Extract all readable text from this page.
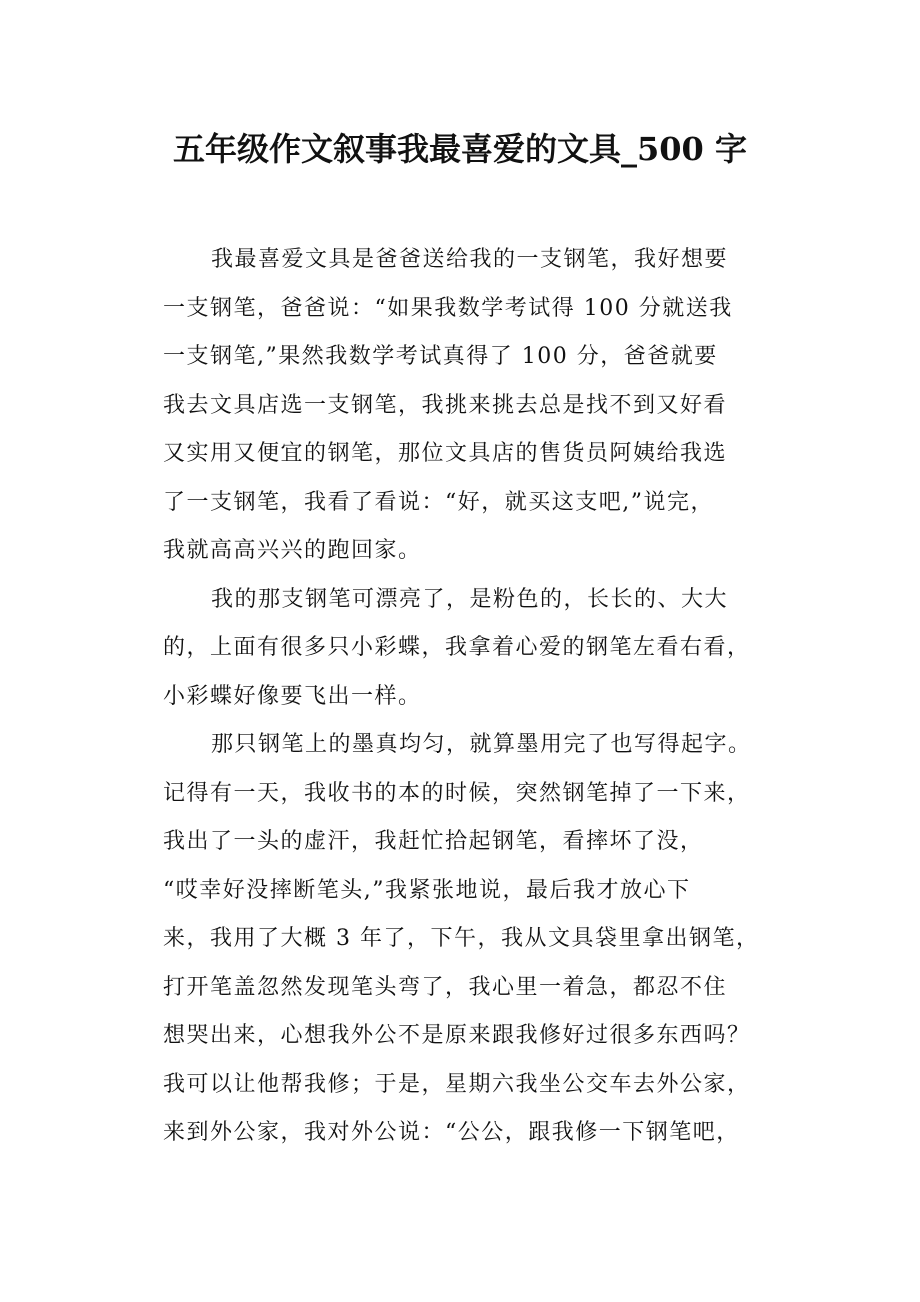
五年级作文叙事我最喜爱的文具_500 字
我最喜爱文具是爸爸送给我的一支钢笔，我好想要
一支钢笔，爸爸说：“如果我数学考试得 100 分就送我
一支钢笔,”果然我数学考试真得了 100 分，爸爸就要
我去文具店选一支钢笔，我挑来挑去总是找不到又好看
又实用又便宜的钢笔，那位文具店的售货员阿姨给我选
了一支钢笔，我看了看说：“好，就买这支吧,”说完，
我就高高兴兴的跑回家。
我的那支钢笔可漂亮了，是粉色的，长长的、大大
的，上面有很多只小彩蝶，我拿着心爱的钢笔左看右看，
小彩蝶好像要飞出一样。
那只钢笔上的墨真均匀，就算墨用完了也写得起字。
记得有一天，我收书的本的时候，突然钢笔掉了一下来，
我出了一头的虚汗，我赶忙拾起钢笔，看摔坏了没，
“哎幸好没摔断笔头,”我紧张地说，最后我才放心下
来，我用了大概 3 年了，下午，我从文具袋里拿出钢笔，
打开笔盖忽然发现笔头弯了，我心里一着急，都忍不住
想哭出来，心想我外公不是原来跟我修好过很多东西吗？
我可以让他帮我修；于是，星期六我坐公交车去外公家，
来到外公家，我对外公说：“公公，跟我修一下钢笔吧，
